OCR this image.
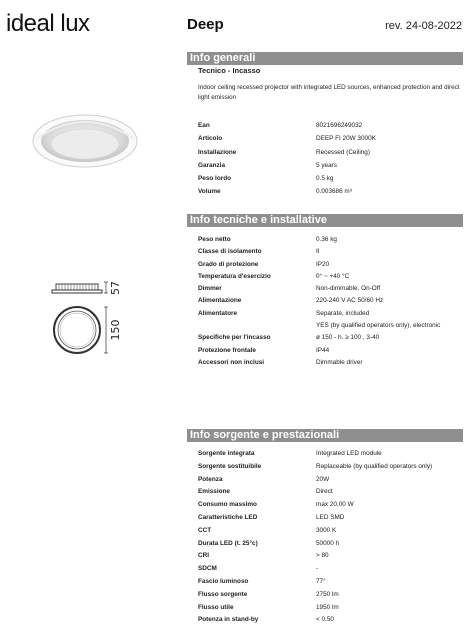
ideal lux	Deep	rev. 24-08-2022
Info generali
Tecnico - Incasso
Indoor ceiling recessed projector with integrated LED sources, enhanced protection and direct light emission
Ean	8021696249032
Articolo	DEEP FI 20W 3000K
Installazione	Recessed (Ceiling)
Garanzia	5 years
Peso lordo	0.5 kg
Volume	0.003686 m³
57
150
Info tecniche e installative
Peso netto	0.36 kg
Classe di isolamento	II
Grado di protezione	IP20
Temperatura d'esercizio	0° ~ +40 °C
Dimmer	Non-dimmable, On-Off
Alimentazione	220-240 V AC 50/60 Hz
Alimentatore	Separate, included
YES (by qualified operators only), electronic
Specifiche per l'incasso	ø 150 - h. ≥ 100 , 3-40
Protezione frontale	IP44
Accessori non inclusi	Dimmable driver
Info sorgente e prestazionali
Sorgente integrata	Integrated LED module
Sorgente sostituibile	Replaceable (by qualified operators only)
Potenza	20W
Emissione	Direct
Consumo massimo	max 20,00 W
Caratteristiche LED	LED SMD
CCT	3000 K
Durata LED (t. 25°c)	50000 h
CRI	> 80
SDCM	-
Fascio luminoso	77°
Flusso sorgente	2750 lm
Flusso utile	1950 lm
Potenza in stand-by	< 0.50
